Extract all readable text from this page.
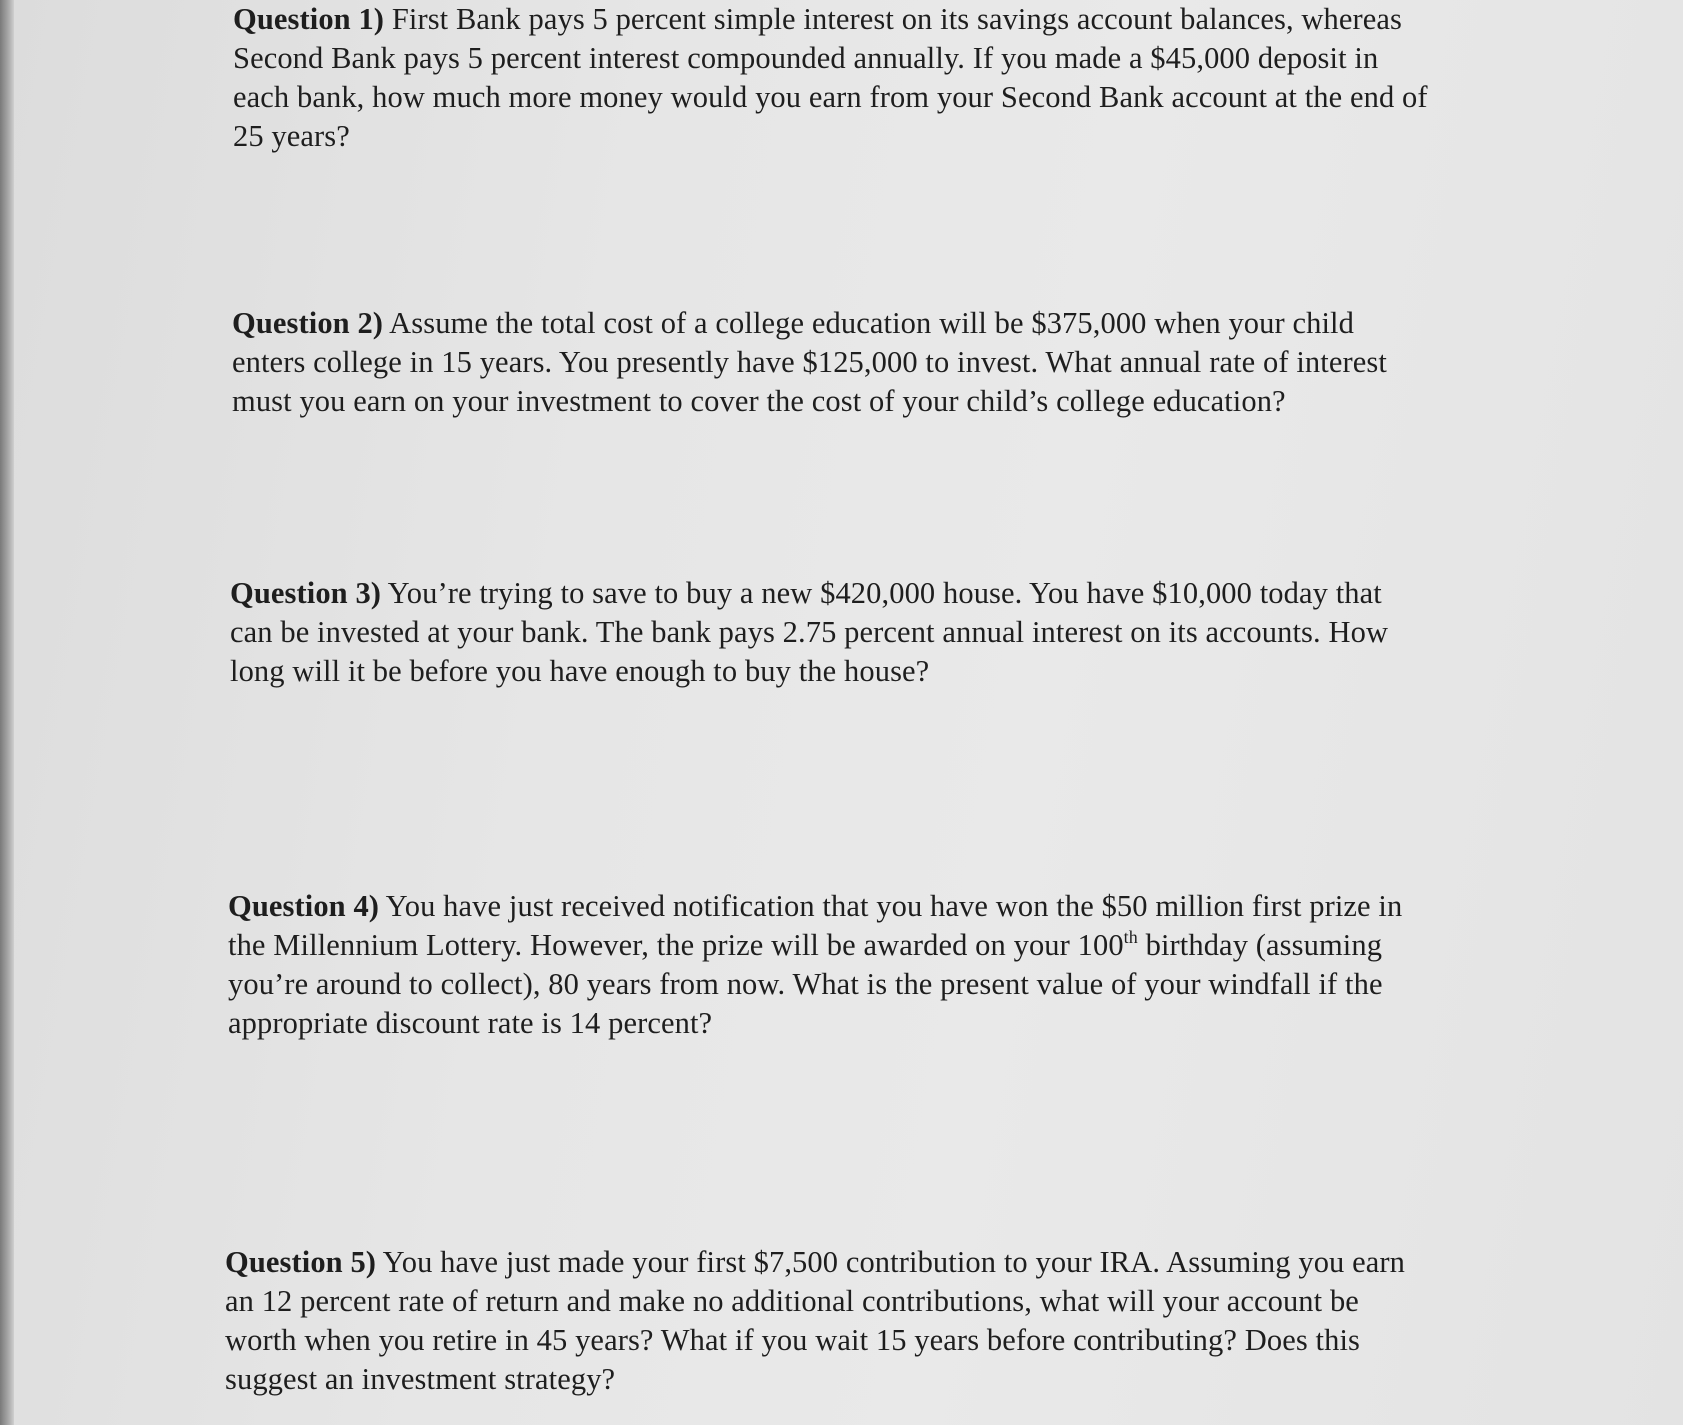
Question 1) First Bank pays 5 percent simple interest on its savings account balances, whereas
Second Bank pays 5 percent interest compounded annually. If you made a $45,000 deposit in
each bank, how much more money would you earn from your Second Bank account at the end of
25 years?
Question 2) Assume the total cost of a college education will be $375,000 when your child
enters college in 15 years. You presently have $125,000 to invest. What annual rate of interest
must you earn on your investment to cover the cost of your child’s college education?
Question 3) You’re trying to save to buy a new $420,000 house. You have $10,000 today that
can be invested at your bank. The bank pays 2.75 percent annual interest on its accounts. How
long will it be before you have enough to buy the house?
Question 4) You have just received notification that you have won the $50 million first prize in
the Millennium Lottery. However, the prize will be awarded on your 100th birthday (assuming
you’re around to collect), 80 years from now. What is the present value of your windfall if the
appropriate discount rate is 14 percent?
Question 5) You have just made your first $7,500 contribution to your IRA. Assuming you earn
an 12 percent rate of return and make no additional contributions, what will your account be
worth when you retire in 45 years? What if you wait 15 years before contributing? Does this
suggest an investment strategy?
